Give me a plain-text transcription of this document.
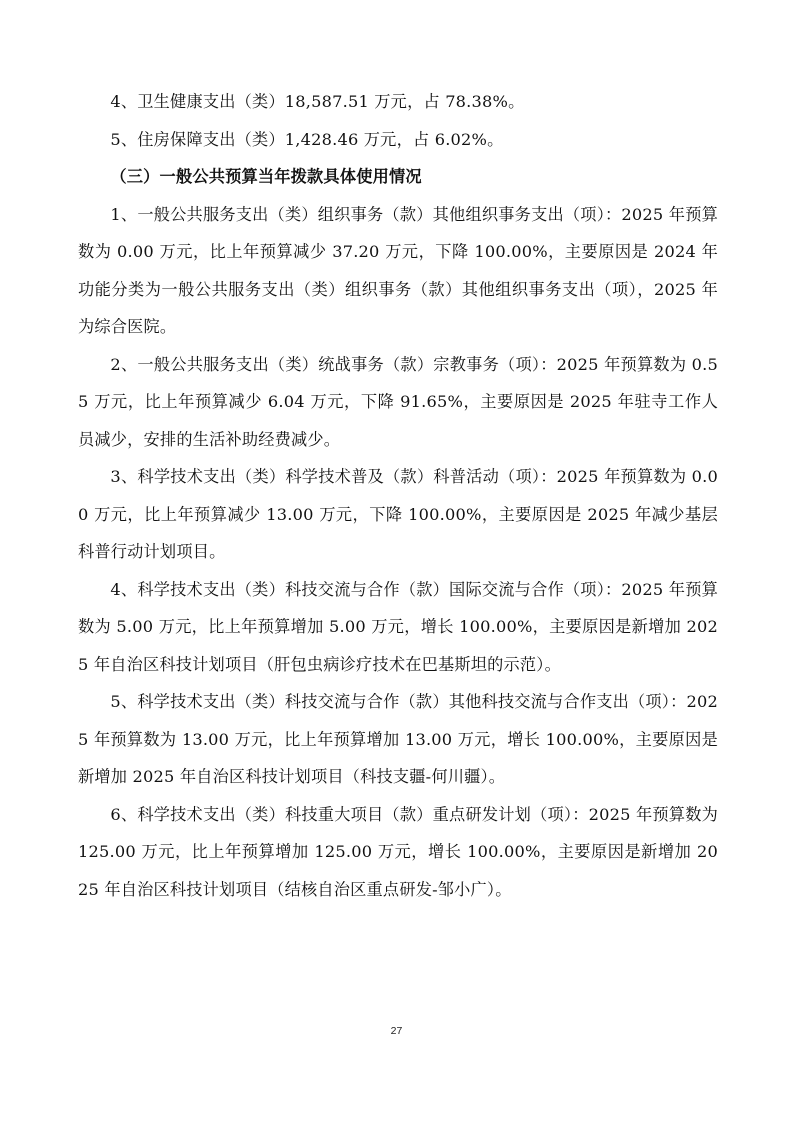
4、卫生健康支出（类）18,587.51 万元，占 78.38%。

5、住房保障支出（类）1,428.46 万元，占 6.02%。

（三）一般公共预算当年拨款具体使用情况

1、一般公共服务支出（类）组织事务（款）其他组织事务支出（项）：2025 年预算数为 0.00 万元，比上年预算减少 37.20 万元，下降 100.00%，主要原因是 2024 年功能分类为一般公共服务支出（类）组织事务（款）其他组织事务支出（项），2025 年为综合医院。

2、一般公共服务支出（类）统战事务（款）宗教事务（项）：2025 年预算数为 0.55 万元，比上年预算减少 6.04 万元，下降 91.65%，主要原因是 2025 年驻寺工作人员减少，安排的生活补助经费减少。

3、科学技术支出（类）科学技术普及（款）科普活动（项）：2025 年预算数为 0.00 万元，比上年预算减少 13.00 万元，下降 100.00%，主要原因是 2025 年减少基层科普行动计划项目。

4、科学技术支出（类）科技交流与合作（款）国际交流与合作（项）：2025 年预算数为 5.00 万元，比上年预算增加 5.00 万元，增长 100.00%，主要原因是新增加 2025 年自治区科技计划项目（肝包虫病诊疗技术在巴基斯坦的示范）。

5、科学技术支出（类）科技交流与合作（款）其他科技交流与合作支出（项）：2025 年预算数为 13.00 万元，比上年预算增加 13.00 万元，增长 100.00%，主要原因是新增加 2025 年自治区科技计划项目（科技支疆-何川疆）。

6、科学技术支出（类）科技重大项目（款）重点研发计划（项）：2025 年预算数为 125.00 万元，比上年预算增加 125.00 万元，增长 100.00%，主要原因是新增加 2025 年自治区科技计划项目（结核自治区重点研发-邹小广）。

27
